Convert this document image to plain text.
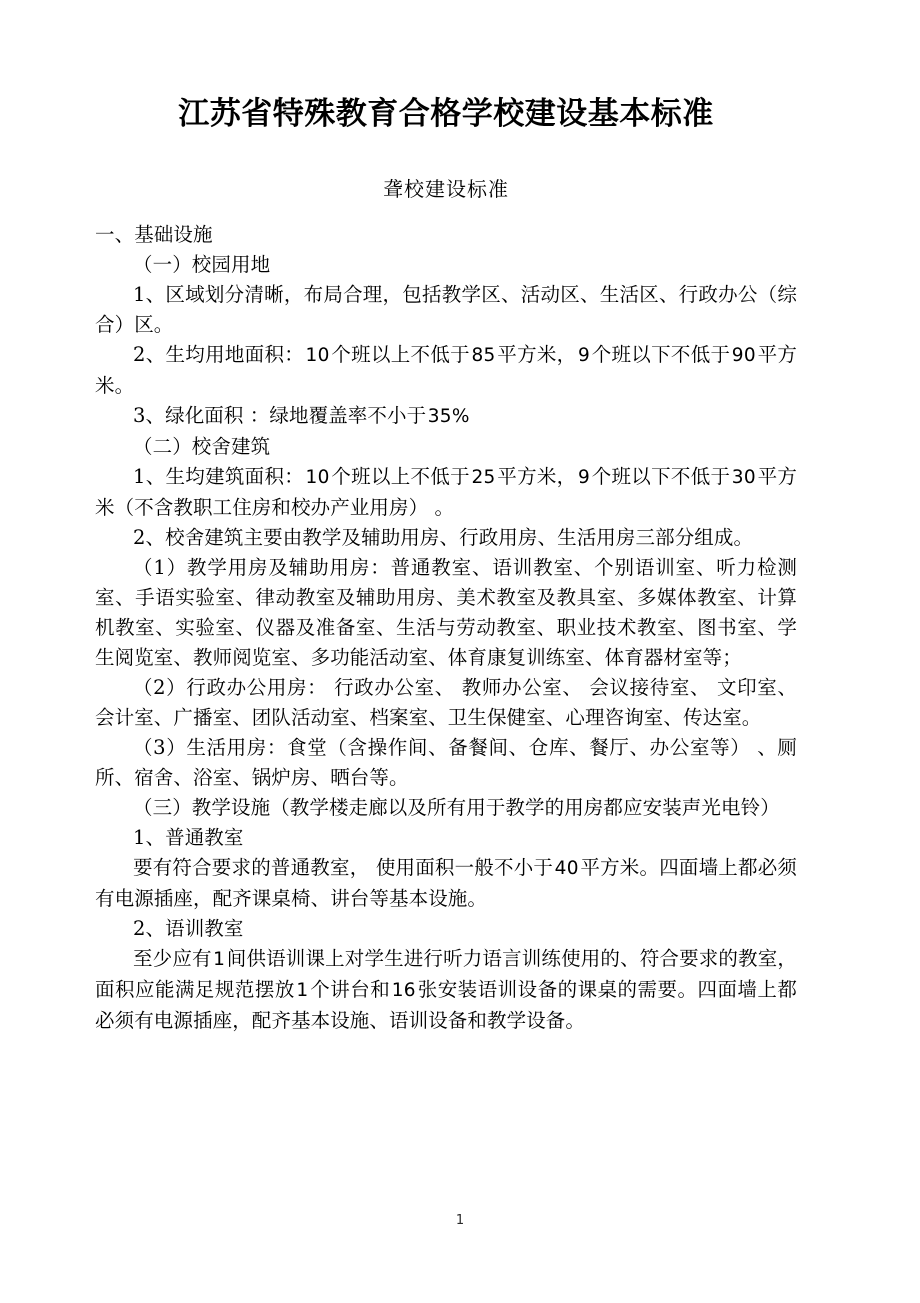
江苏省特殊教育合格学校建设基本标准

聋校建设标准

一、基础设施

（一）校园用地

1、区域划分清晰，布局合理，包括教学区、活动区、生活区、行政办公（综合）区。

2、生均用地面积：10个班以上不低于85平方米，9个班以下不低于90平方米。

3、绿化面积 ：绿地覆盖率不小于35%

（二）校舍建筑

1、生均建筑面积：10个班以上不低于25平方米，9个班以下不低于30平方米（不含教职工住房和校办产业用房） 。

2、校舍建筑主要由教学及辅助用房、行政用房、生活用房三部分组成。

（1）教学用房及辅助用房：普通教室、语训教室、个别语训室、听力检测室、手语实验室、律动教室及辅助用房、美术教室及教具室、多媒体教室、计算机教室、实验室、仪器及准备室、生活与劳动教室、职业技术教室、图书室、学生阅览室、教师阅览室、多功能活动室、体育康复训练室、体育器材室等；

（2）行政办公用房： 行政办公室、 教师办公室、 会议接待室、 文印室、会计室、广播室、团队活动室、档案室、卫生保健室、心理咨询室、传达室。

（3）生活用房：食堂（含操作间、备餐间、仓库、餐厅、办公室等） 、厕所、宿舍、浴室、锅炉房、晒台等。

（三）教学设施（教学楼走廊以及所有用于教学的用房都应安装声光电铃）

1、普通教室

要有符合要求的普通教室， 使用面积一般不小于40平方米。四面墙上都必须有电源插座，配齐课桌椅、讲台等基本设施。

2、语训教室

至少应有1间供语训课上对学生进行听力语言训练使用的、符合要求的教室，面积应能满足规范摆放1个讲台和16张安装语训设备的课桌的需要。四面墙上都必须有电源插座，配齐基本设施、语训设备和教学设备。

1
